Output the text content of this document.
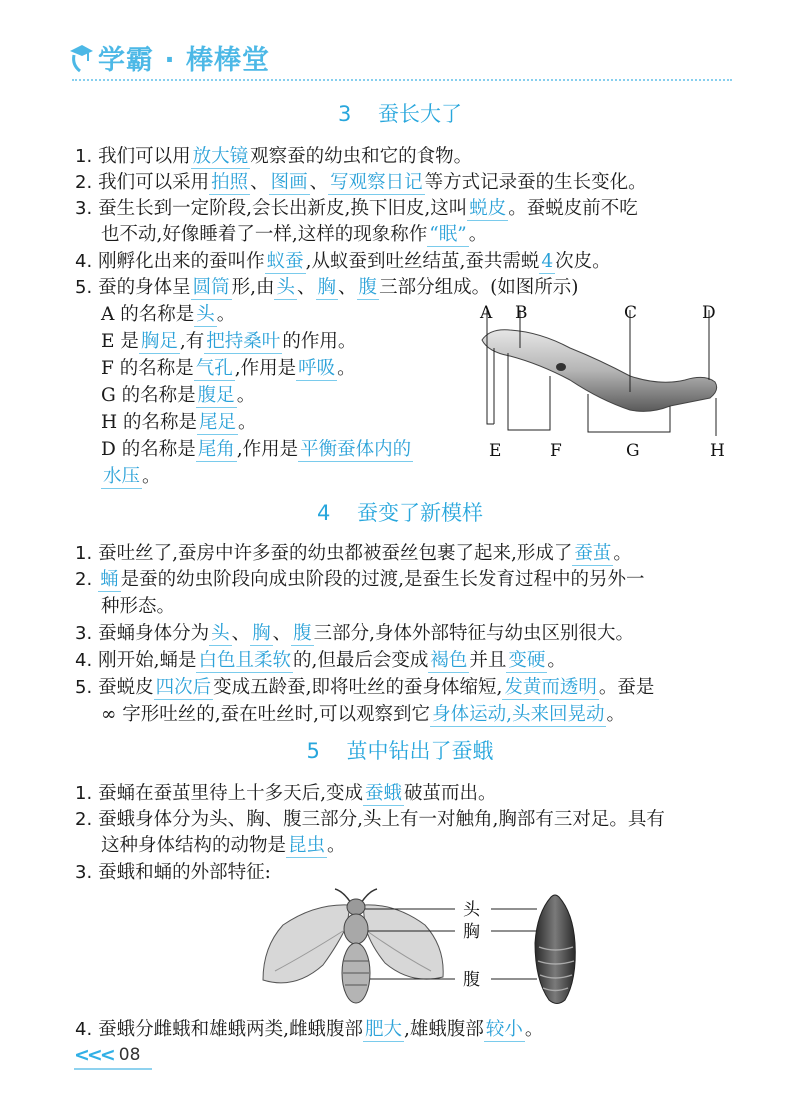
学霸 · 棒棒堂
3    蚕长大了

1. 我们可以用 放大镜 观察蚕的幼虫和它的食物。

2. 我们可以采用 拍照 、 图画 、 写观察日记 等方式记录蚕的生长变化。

3. 蚕生长到一定阶段,会长出新皮,换下旧皮,这叫 蜕皮 。蚕蜕皮前不吃

也不动,好像睡着了一样,这样的现象称作 “眠” 。

4. 刚孵化出来的蚕叫作 蚁蚕 ,从蚁蚕到吐丝结茧,蚕共需蜕 4 次皮。

5. 蚕的身体呈 圆筒 形,由 头 、 胸 、 腹 三部分组成。(如图所示)

A 的名称是 头 。

E 是 胸足 ,有 把持桑叶 的作用。

F 的名称是 气孔 ,作用是 呼吸 。

G 的名称是 腹足 。

H 的名称是 尾足 。

D 的名称是 尾角 ,作用是 平衡蚕体内的

水压 。

A B	C	D
E	F	G	H
4    蚕变了新模样

1. 蚕吐丝了,蚕房中许多蚕的幼虫都被蚕丝包裹了起来,形成了 蚕茧 。

2. 蛹 是蚕的幼虫阶段向成虫阶段的过渡,是蚕生长发育过程中的另外一

种形态。

3. 蚕蛹身体分为 头 、 胸 、 腹 三部分,身体外部特征与幼虫区别很大。

4. 刚开始,蛹是 白色且柔软 的,但最后会变成 褐色 并且 变硬 。

5. 蚕蜕皮 四次后 变成五龄蚕,即将吐丝的蚕身体缩短, 发黄而透明 。蚕是

∞ 字形吐丝的,蚕在吐丝时,可以观察到它 身体运动,头来回晃动 。

5    茧中钻出了蚕蛾

1. 蚕蛹在蚕茧里待上十多天后,变成 蚕蛾 破茧而出。

2. 蚕蛾身体分为头、胸、腹三部分,头上有一对触角,胸部有三对足。具有

这种身体结构的动物是 昆虫 。

3. 蚕蛾和蛹的外部特征:

头
胸
腹

4. 蚕蛾分雌蛾和雄蛾两类,雌蛾腹部 肥大 ,雄蛾腹部 较小 。

<<< 08
